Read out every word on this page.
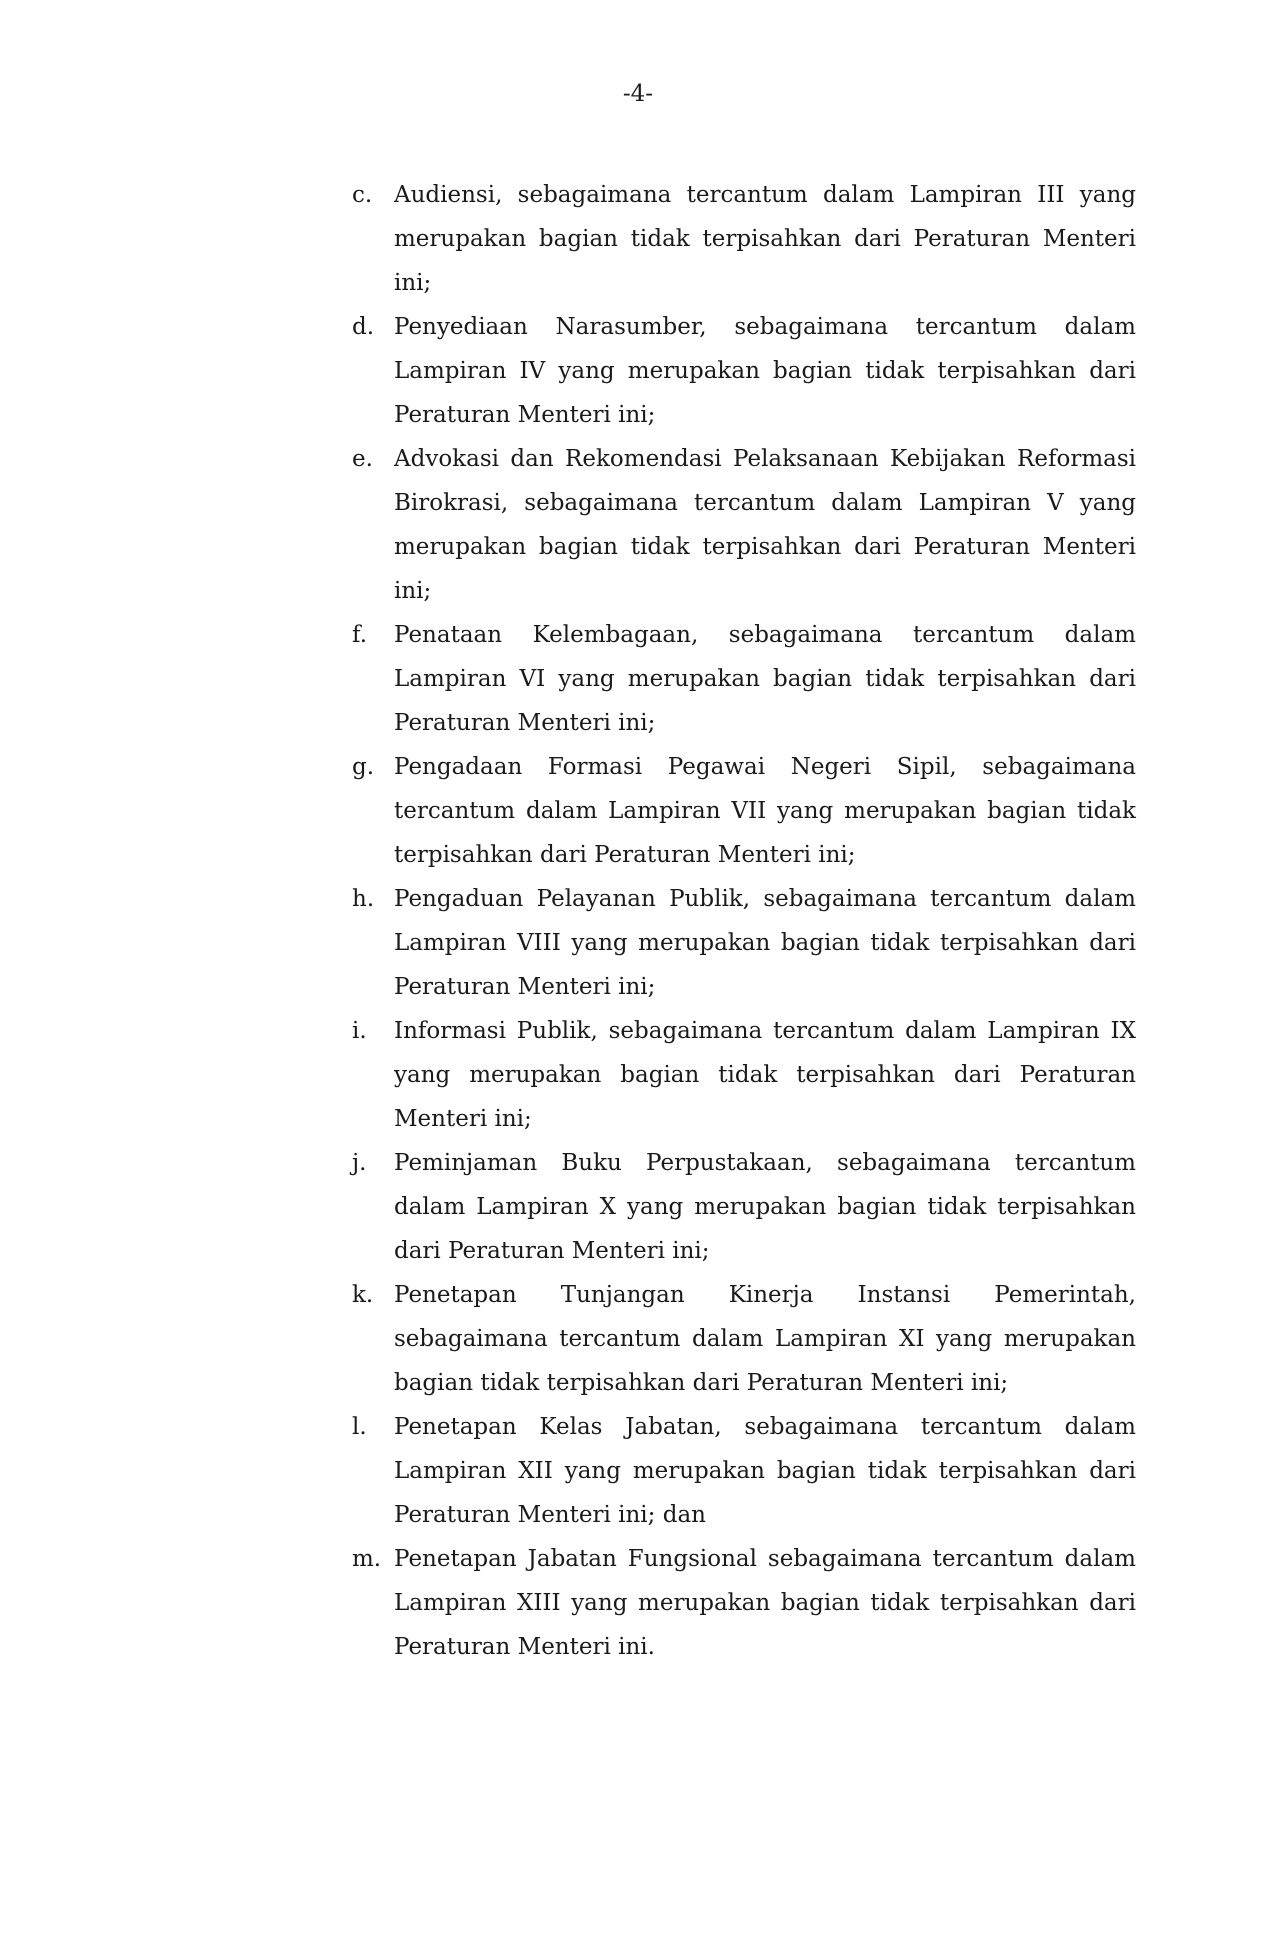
-4-
c. Audiensi, sebagaimana tercantum dalam Lampiran III yang merupakan bagian tidak terpisahkan dari Peraturan Menteri ini;
d. Penyediaan Narasumber, sebagaimana tercantum dalam Lampiran IV yang merupakan bagian tidak terpisahkan dari Peraturan Menteri ini;
e. Advokasi dan Rekomendasi Pelaksanaan Kebijakan Reformasi Birokrasi, sebagaimana tercantum dalam Lampiran V yang merupakan bagian tidak terpisahkan dari Peraturan Menteri ini;
f.	Penataan Kelembagaan, sebagaimana tercantum dalam Lampiran VI yang merupakan bagian tidak terpisahkan dari Peraturan Menteri ini;
g. Pengadaan Formasi Pegawai Negeri Sipil, sebagaimana tercantum dalam Lampiran VII yang merupakan bagian tidak terpisahkan dari Peraturan Menteri ini;
h. Pengaduan Pelayanan Publik, sebagaimana tercantum dalam Lampiran VIII yang merupakan bagian tidak terpisahkan dari Peraturan Menteri ini;
i.	Informasi Publik, sebagaimana tercantum dalam Lampiran IX yang merupakan bagian tidak terpisahkan dari Peraturan Menteri ini;
j.	Peminjaman Buku Perpustakaan, sebagaimana tercantum dalam Lampiran X yang merupakan bagian tidak terpisahkan dari Peraturan Menteri ini;
k. Penetapan Tunjangan Kinerja Instansi Pemerintah, sebagaimana tercantum dalam Lampiran XI yang merupakan bagian tidak terpisahkan dari Peraturan Menteri ini;
l.	Penetapan Kelas Jabatan, sebagaimana tercantum dalam Lampiran XII yang merupakan bagian tidak terpisahkan dari Peraturan Menteri ini; dan
m. Penetapan Jabatan Fungsional sebagaimana tercantum dalam Lampiran XIII yang merupakan bagian tidak terpisahkan dari Peraturan Menteri ini.
